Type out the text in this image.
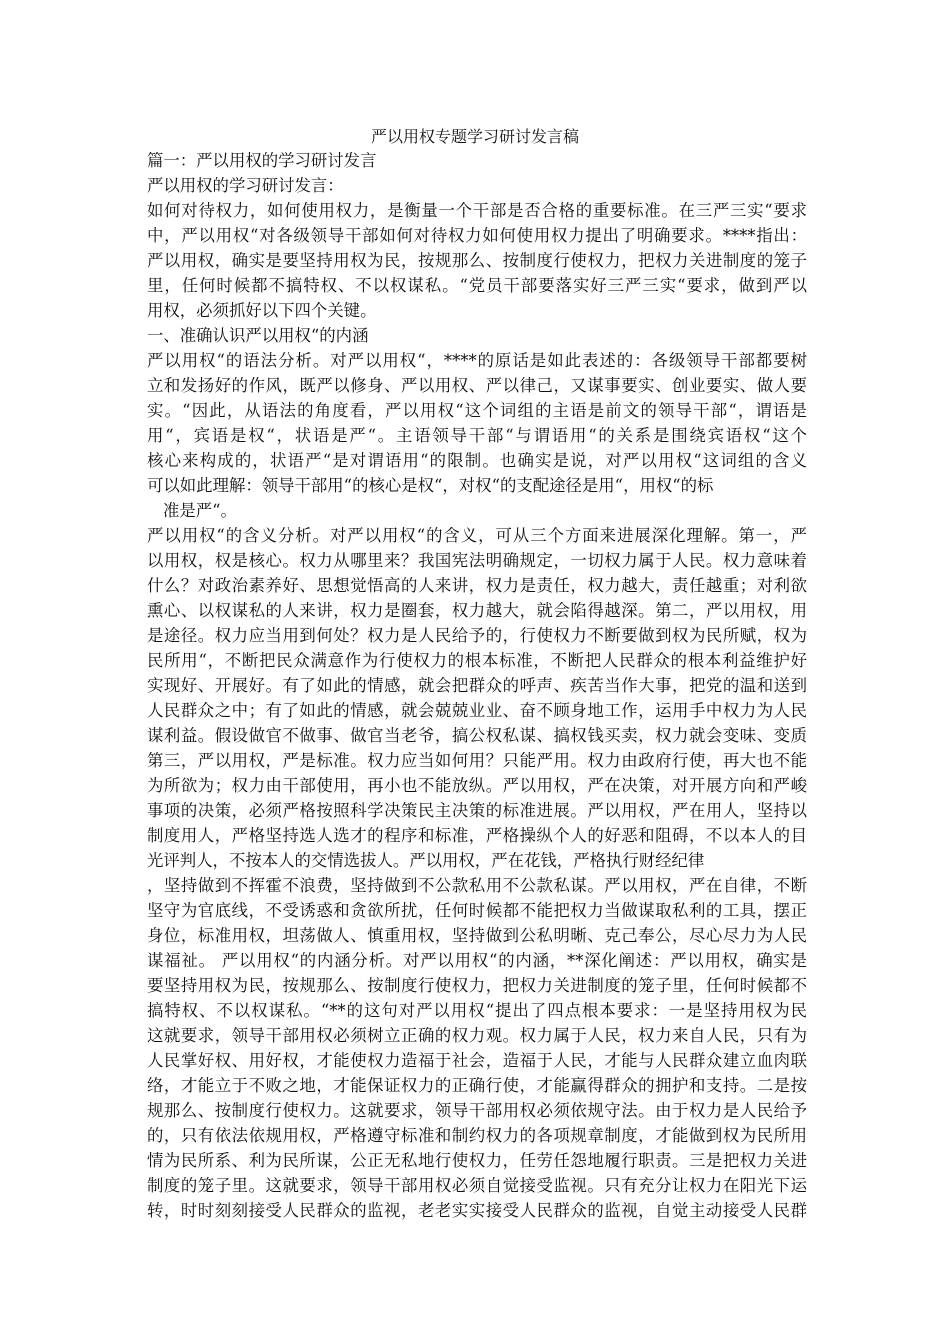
严以用权专题学习研讨发言稿
篇一：严以用权的学习研讨发言
严以用权的学习研讨发言：
如何对待权力，如何使用权力，是衡量一个干部是否合格的重要标准。在三严三实“要求
中，严以用权“对各级领导干部如何对待权力如何使用权力提出了明确要求。****指出：
严以用权，确实是要坚持用权为民，按规那么、按制度行使权力，把权力关进制度的笼子
里，任何时候都不搞特权、不以权谋私。“党员干部要落实好三严三实“要求，做到严以
用权，必须抓好以下四个关键。
一、准确认识严以用权“的内涵
严以用权“的语法分析。对严以用权“，****的原话是如此表述的：各级领导干部都要树
立和发扬好的作风，既严以修身、严以用权、严以律己，又谋事要实、创业要实、做人要
实。“因此，从语法的角度看，严以用权“这个词组的主语是前文的领导干部“，谓语是
用“，宾语是权“，状语是严“。主语领导干部“与谓语用“的关系是围绕宾语权“这个
核心来构成的，状语严“是对谓语用“的限制。也确实是说，对严以用权“这词组的含义
可以如此理解：领导干部用“的核心是权“，对权“的支配途径是用“，用权“的标
准是严“。
严以用权“的含义分析。对严以用权“的含义，可从三个方面来进展深化理解。第一，严
以用权，权是核心。权力从哪里来？我国宪法明确规定，一切权力属于人民。权力意味着
什么？对政治素养好、思想觉悟高的人来讲，权力是责任，权力越大，责任越重；对利欲
熏心、以权谋私的人来讲，权力是圈套，权力越大，就会陷得越深。第二，严以用权，用
是途径。权力应当用到何处？权力是人民给予的，行使权力不断要做到权为民所赋，权为
民所用“，不断把民众满意作为行使权力的根本标准，不断把人民群众的根本利益维护好
实现好、开展好。有了如此的情感，就会把群众的呼声、疾苦当作大事，把党的温和送到
人民群众之中；有了如此的情感，就会兢兢业业、奋不顾身地工作，运用手中权力为人民
谋利益。假设做官不做事、做官当老爷，搞公权私谋、搞权钱买卖，权力就会变味、变质
第三，严以用权，严是标准。权力应当如何用？只能严用。权力由政府行使，再大也不能
为所欲为；权力由干部使用，再小也不能放纵。严以用权，严在决策，对开展方向和严峻
事项的决策，必须严格按照科学决策民主决策的标准进展。严以用权，严在用人，坚持以
制度用人，严格坚持选人选才的程序和标准，严格操纵个人的好恶和阻碍，不以本人的目
光评判人，不按本人的交情选拔人。严以用权，严在花钱，严格执行财经纪律
，坚持做到不挥霍不浪费，坚持做到不公款私用不公款私谋。严以用权，严在自律，不断
坚守为官底线，不受诱惑和贪欲所扰，任何时候都不能把权力当做谋取私利的工具，摆正
身位，标准用权，坦荡做人、慎重用权，坚持做到公私明晰、克己奉公，尽心尽力为人民
谋福祉。 严以用权“的内涵分析。对严以用权“的内涵，**深化阐述：严以用权，确实是
要坚持用权为民，按规那么、按制度行使权力，把权力关进制度的笼子里，任何时候都不
搞特权、不以权谋私。“**的这句对严以用权“提出了四点根本要求：一是坚持用权为民
这就要求，领导干部用权必须树立正确的权力观。权力属于人民，权力来自人民，只有为
人民掌好权、用好权，才能使权力造福于社会，造福于人民，才能与人民群众建立血肉联
络，才能立于不败之地，才能保证权力的正确行使，才能赢得群众的拥护和支持。二是按
规那么、按制度行使权力。这就要求，领导干部用权必须依规守法。由于权力是人民给予
的，只有依法依规用权，严格遵守标准和制约权力的各项规章制度，才能做到权为民所用
情为民所系、利为民所谋，公正无私地行使权力，任劳任怨地履行职责。三是把权力关进
制度的笼子里。这就要求，领导干部用权必须自觉接受监视。只有充分让权力在阳光下运
转，时时刻刻接受人民群众的监视，老老实实接受人民群众的监视，自觉主动接受人民群
